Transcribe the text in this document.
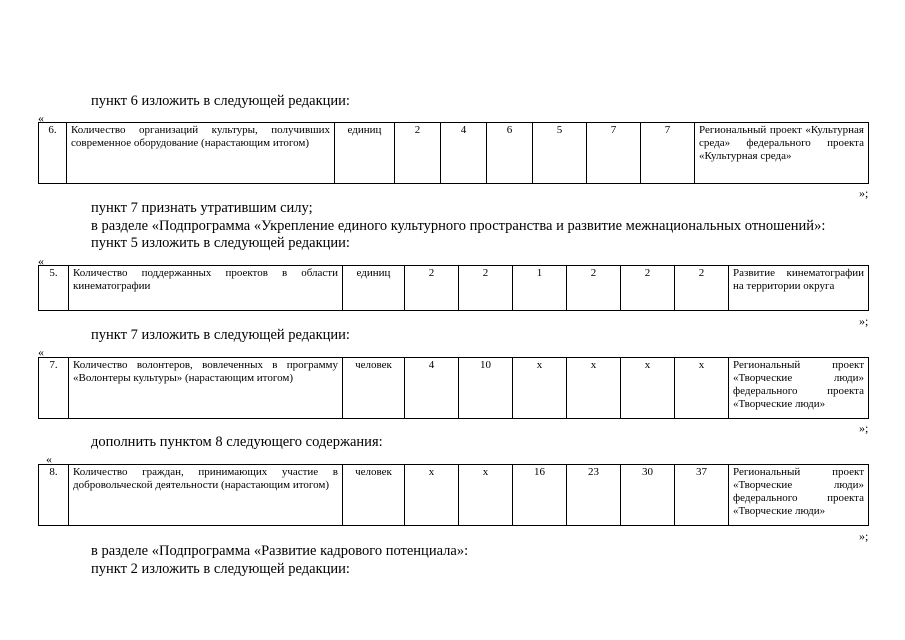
пункт 6 изложить в следующей редакции:
«
6.	Количество организаций культуры, получивших современное оборудование (нарастающим итогом)	единиц	2	4	6	5	7	7	Региональный проект «Культурная среда» федерального проекта «Культурная среда»
»;
пункт 7 признать утратившим силу;
в разделе «Подпрограмма «Укрепление единого культурного пространства и развитие межнациональных отношений»:
пункт 5 изложить в следующей редакции:
«
5.	Количество поддержанных проектов в области кинематографии	единиц	2	2	1	2	2	2	Развитие кинематографии на территории округа
»;
пункт 7 изложить в следующей редакции:
«
7.	Количество волонтеров, вовлеченных в программу «Волонтеры культуры» (нарастающим итогом)	человек	4	10	х	х	х	х	Региональный проект «Творческие люди» федерального проекта «Творческие люди»
»;
дополнить пунктом 8 следующего содержания:
«
8.	Количество граждан, принимающих участие в добровольческой деятельности (нарастающим итогом)	человек	х	х	16	23	30	37	Региональный проект «Творческие люди» федерального проекта «Творческие люди»
»;
в разделе «Подпрограмма «Развитие кадрового потенциала»:
пункт 2 изложить в следующей редакции:
